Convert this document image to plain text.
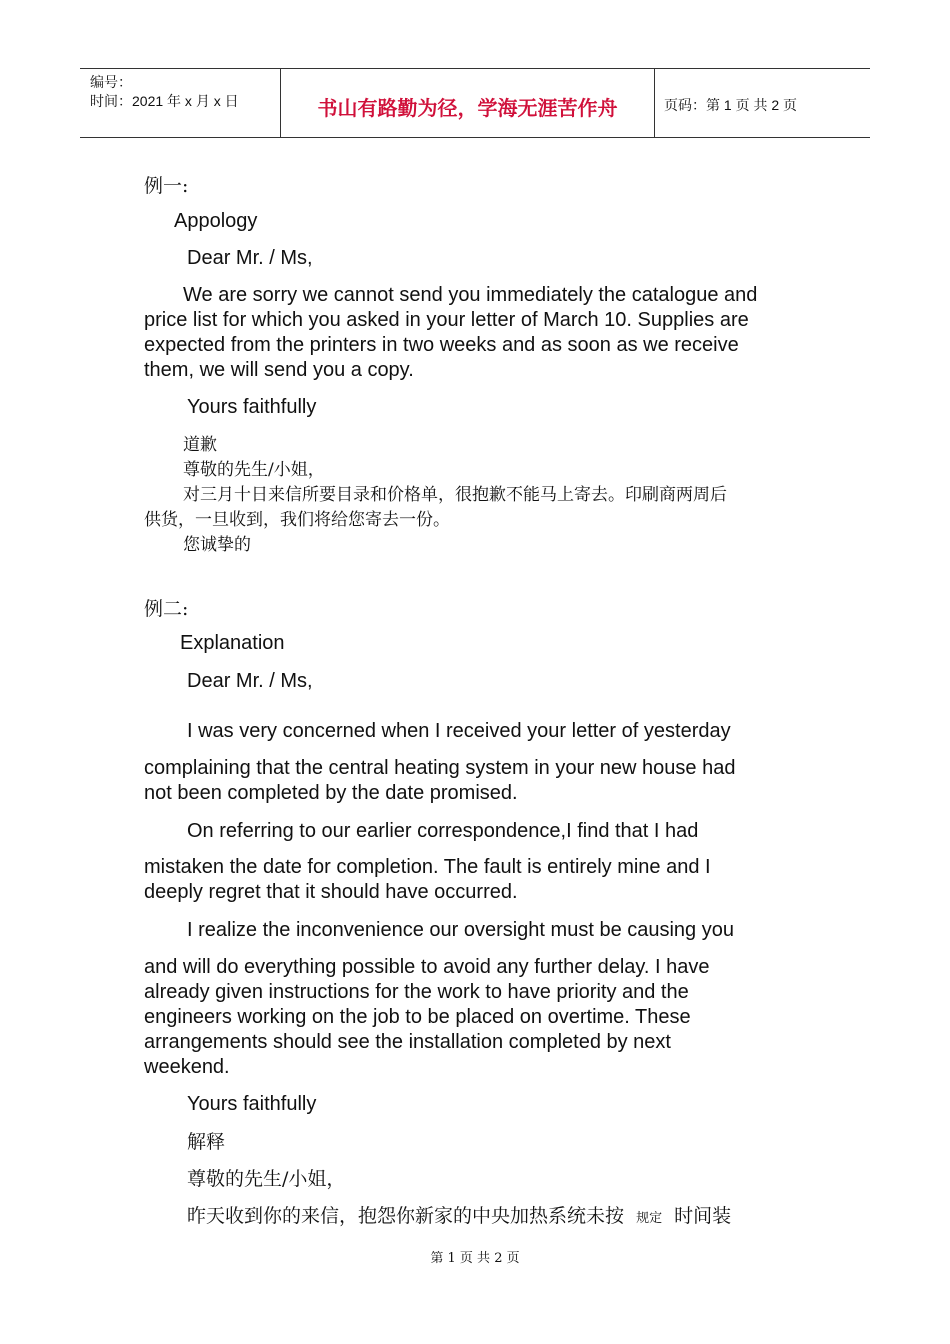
编号：
时间：2021 年 x 月 x 日	书山有路勤为径，学海无涯苦作舟	页码：第 1 页 共 2 页
例一:
Appology
Dear Mr. / Ms,
We are sorry we cannot send you immediately the catalogue and
price list for which you asked in your letter of March 10. Supplies are
expected from the printers in two weeks and as soon as we receive
them, we will send you a copy.
Yours faithfully
道歉
尊敬的先生/小姐，
对三月十日来信所要目录和价格单，很抱歉不能马上寄去。印刷商两周后
供货，一旦收到，我们将给您寄去一份。
您诚挚的
例二:
Explanation
Dear Mr. / Ms,
I was very concerned when I received your letter of yesterday
complaining that the central heating system in your new house had
not been completed by the date promised.
On referring to our earlier correspondence,I find that I had
mistaken the date for completion. The fault is entirely mine and I
deeply regret that it should have occurred.
I realize the inconvenience our oversight must be causing you
and will do everything possible to avoid any further delay. I have
already given instructions for the work to have priority and the
engineers working on the job to be placed on overtime. These
arrangements should see the installation completed by next
weekend.
Yours faithfully
解释
尊敬的先生/小姐，
昨天收到你的来信，抱怨你新家的中央加热系统未按 规定 时间装
第 1 页 共 2 页
